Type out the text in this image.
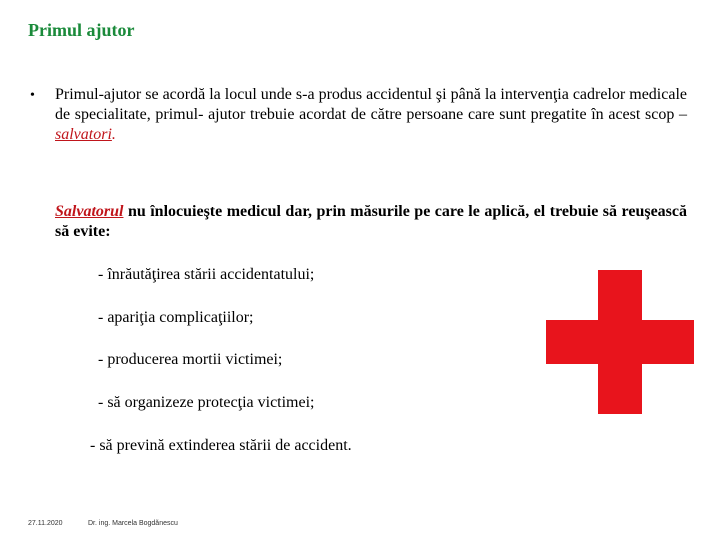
Primul ajutor
• Primul-ajutor se acordă la locul unde s-a produs accidentul şi până la intervenţia cadrelor medicale de specialitate, primul- ajutor trebuie acordat de către persoane care sunt pregatite în acest scop – salvatori.
Salvatorul nu înlocuieşte medicul dar, prin măsurile pe care le aplică, el trebuie să reuşească să evite:
- înrăutăţirea stării accidentatului;
- apariţia complicaţiilor;
- producerea mortii victimei;
- să organizeze protecţia victimei;
- să prevină extinderea stării de accident.
27.11.2020	Dr. ing. Marcela Bogdănescu
